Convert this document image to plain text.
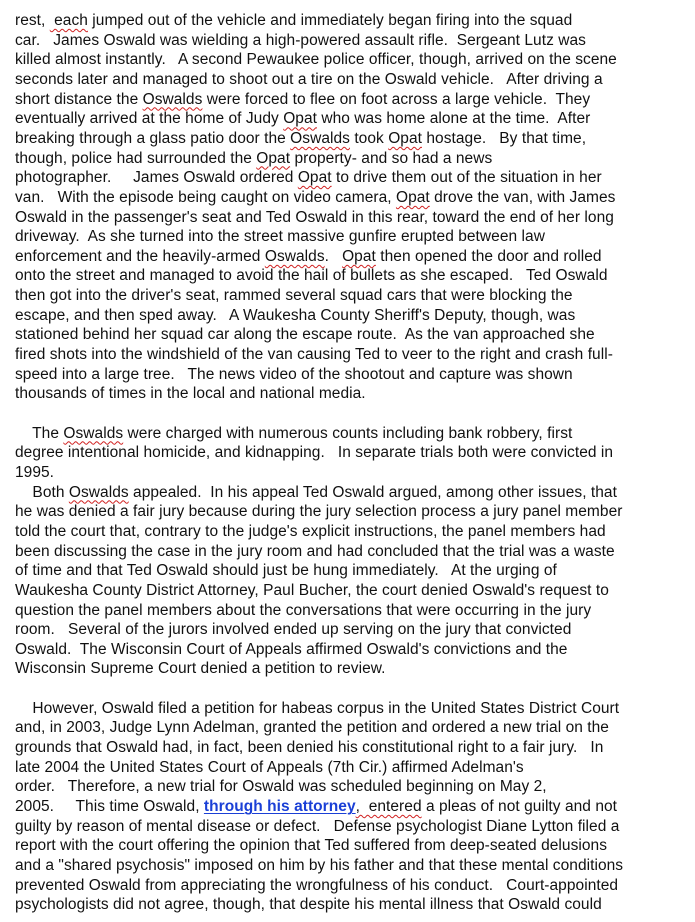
rest,  each jumped out of the vehicle and immediately began firing into the squad
car.   James Oswald was wielding a high-powered assault rifle.  Sergeant Lutz was
killed almost instantly.   A second Pewaukee police officer, though, arrived on the scene
seconds later and managed to shoot out a tire on the Oswald vehicle.   After driving a
short distance the Oswalds were forced to flee on foot across a large vehicle.  They
eventually arrived at the home of Judy Opat who was home alone at the time.  After
breaking through a glass patio door the Oswalds took Opat hostage.   By that time,
though, police had surrounded the Opat property- and so had a news
photographer.     James Oswald ordered Opat to drive them out of the situation in her
van.   With the episode being caught on video camera, Opat drove the van, with James
Oswald in the passenger's seat and Ted Oswald in this rear, toward the end of her long
driveway.  As she turned into the street massive gunfire erupted between law
enforcement and the heavily-armed Oswalds.   Opat then opened the door and rolled
onto the street and managed to avoid the hail of bullets as she escaped.   Ted Oswald
then got into the driver's seat, rammed several squad cars that were blocking the
escape, and then sped away.   A Waukesha County Sheriff's Deputy, though, was
stationed behind her squad car along the escape route.  As the van approached she
fired shots into the windshield of the van causing Ted to veer to the right and crash full-
speed into a large tree.   The news video of the shootout and capture was shown
thousands of times in the local and national media.
The Oswalds were charged with numerous counts including bank robbery, first
degree intentional homicide, and kidnapping.   In separate trials both were convicted in
1995.
Both Oswalds appealed.  In his appeal Ted Oswald argued, among other issues, that
he was denied a fair jury because during the jury selection process a jury panel member
told the court that, contrary to the judge's explicit instructions, the panel members had
been discussing the case in the jury room and had concluded that the trial was a waste
of time and that Ted Oswald should just be hung immediately.   At the urging of
Waukesha County District Attorney, Paul Bucher, the court denied Oswald's request to
question the panel members about the conversations that were occurring in the jury
room.   Several of the jurors involved ended up serving on the jury that convicted
Oswald.  The Wisconsin Court of Appeals affirmed Oswald's convictions and the
Wisconsin Supreme Court denied a petition to review.
However, Oswald filed a petition for habeas corpus in the United States District Court
and, in 2003, Judge Lynn Adelman, granted the petition and ordered a new trial on the
grounds that Oswald had, in fact, been denied his constitutional right to a fair jury.   In
late 2004 the United States Court of Appeals (7th Cir.) affirmed Adelman's
order.   Therefore, a new trial for Oswald was scheduled beginning on May 2,
2005.     This time Oswald, through his attorney,  entered a pleas of not guilty and not
guilty by reason of mental disease or defect.   Defense psychologist Diane Lytton filed a
report with the court offering the opinion that Ted suffered from deep-seated delusions
and a "shared psychosis" imposed on him by his father and that these mental conditions
prevented Oswald from appreciating the wrongfulness of his conduct.   Court-appointed
psychologists did not agree, though, that despite his mental illness that Oswald could
